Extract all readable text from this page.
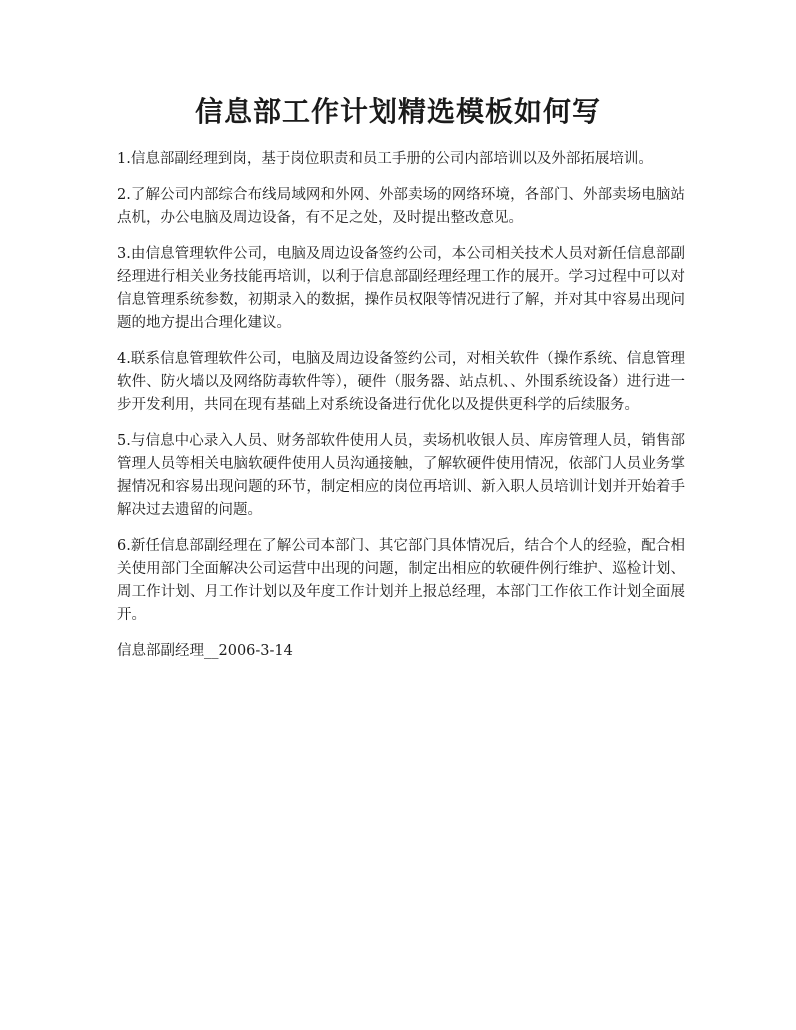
信息部工作计划精选模板如何写

1.信息部副经理到岗，基于岗位职责和员工手册的公司内部培训以及外部拓展培训。

2.了解公司内部综合布线局域网和外网、外部卖场的网络环境，各部门、外部卖场电脑站点机，办公电脑及周边设备，有不足之处，及时提出整改意见。

3.由信息管理软件公司，电脑及周边设备签约公司，本公司相关技术人员对新任信息部副经理进行相关业务技能再培训，以利于信息部副经理经理工作的展开。学习过程中可以对信息管理系统参数，初期录入的数据，操作员权限等情况进行了解，并对其中容易出现问题的地方提出合理化建议。

4.联系信息管理软件公司，电脑及周边设备签约公司，对相关软件（操作系统、信息管理软件、防火墙以及网络防毒软件等），硬件（服务器、站点机、、外围系统设备）进行进一步开发利用，共同在现有基础上对系统设备进行优化以及提供更科学的后续服务。

5.与信息中心录入人员、财务部软件使用人员，卖场机收银人员、库房管理人员，销售部管理人员等相关电脑软硬件使用人员沟通接触，了解软硬件使用情况，依部门人员业务掌握情况和容易出现问题的环节，制定相应的岗位再培训、新入职人员培训计划并开始着手解决过去遗留的问题。

6.新任信息部副经理在了解公司本部门、其它部门具体情况后，结合个人的经验，配合相关使用部门全面解决公司运营中出现的问题，制定出相应的软硬件例行维护、巡检计划、周工作计划、月工作计划以及年度工作计划并上报总经理，本部门工作依工作计划全面展开。

信息部副经理__2006-3-14
